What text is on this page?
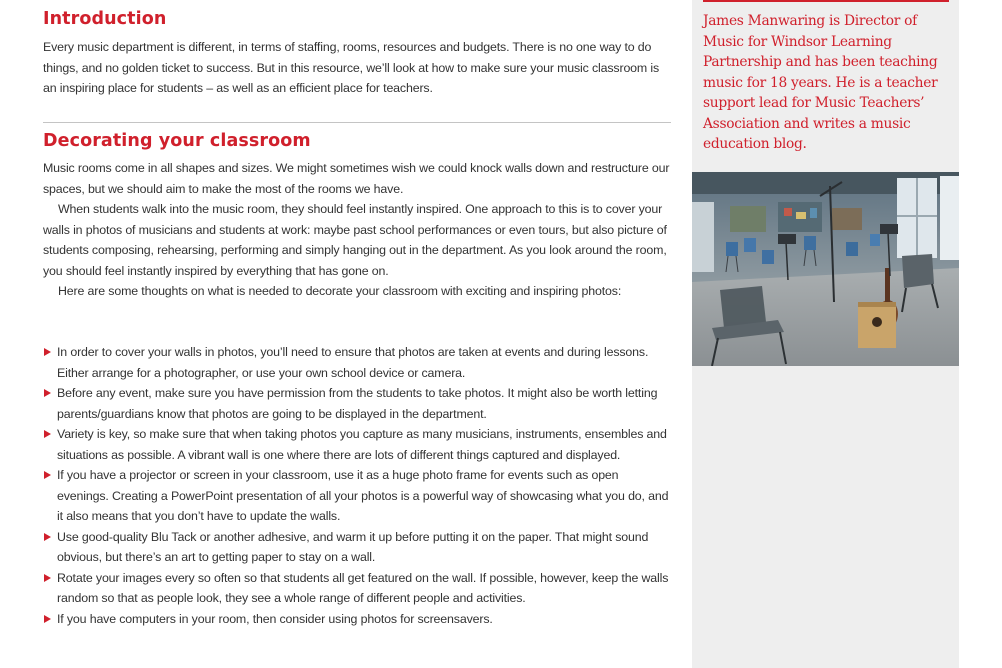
Introduction

Every music department is different, in terms of staffing, rooms, resources and budgets. There is no one way to do things, and no golden ticket to success. But in this resource, we’ll look at how to make sure your music classroom is an inspiring place for students – as well as an efficient place for teachers.

Decorating your classroom

Music rooms come in all shapes and sizes. We might sometimes wish we could knock walls down and restructure our spaces, but we should aim to make the most of the rooms we have.

When students walk into the music room, they should feel instantly inspired. One approach to this is to cover your walls in photos of musicians and students at work: maybe past school performances or even tours, but also picture of students composing, rehearsing, performing and simply hanging out in the department. As you look around the room, you should feel instantly inspired by everything that has gone on.

Here are some thoughts on what is needed to decorate your classroom with exciting and inspiring photos:

In order to cover your walls in photos, you’ll need to ensure that photos are taken at events and during lessons. Either arrange for a photographer, or use your own school device or camera.
Before any event, make sure you have permission from the students to take photos. It might also be worth letting parents/guardians know that photos are going to be displayed in the department.
Variety is key, so make sure that when taking photos you capture as many musicians, instruments, ensembles and situations as possible. A vibrant wall is one where there are lots of different things captured and displayed.
If you have a projector or screen in your classroom, use it as a huge photo frame for events such as open evenings. Creating a PowerPoint presentation of all your photos is a powerful way of showcasing what you do, and it also means that you don’t have to update the walls.
Use good-quality Blu Tack or another adhesive, and warm it up before putting it on the paper. That might sound obvious, but there’s an art to getting paper to stay on a wall.
Rotate your images every so often so that students all get featured on the wall. If possible, however, keep the walls random so that as people look, they see a whole range of different people and activities.
If you have computers in your room, then consider using photos for screensavers.

James Manwaring is Director of Music for Windsor Learning Partnership and has been teaching music for 18 years. He is a teacher support lead for Music Teachers’ Association and writes a music education blog.
